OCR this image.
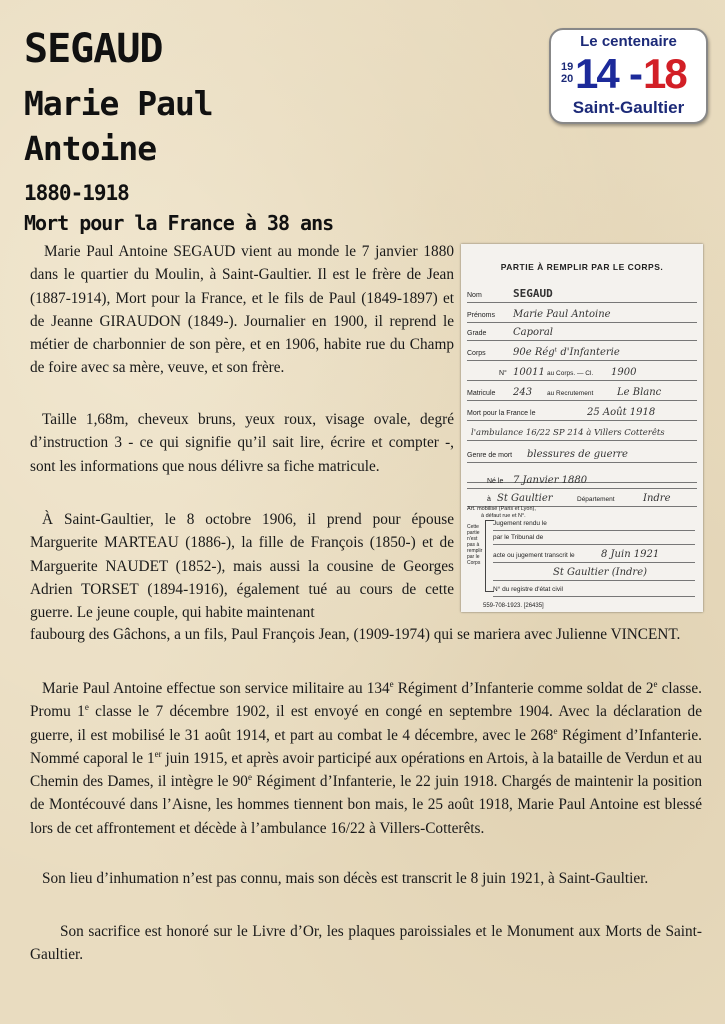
SEGAUD
Marie Paul
Antoine
1880-1918
Mort pour la France à 38 ans
Le centenaire
19
20 14 - 18
Saint-Gaultier
PARTIE À REMPLIR PAR LE CORPS.
Nom	SEGAUD
Prénoms Marie Paul Antoine
Grade	Caporal
Corps	90e Régᵗ d'Infanterie
N° 10011 au Corps. — Cl. 1900
Matricule 243 au Recrutement Le Blanc
Mort pour la France le	25 Août 1918
l'ambulance 16/22 SP 214 à Villers Cotterêts
Genre de mort blessures de guerre
Né le 7 Janvier 1880
à St Gaultier	Département	Indre
Art. mobilisé (Paris et Lyon),
à défaut rue et N°.
Cette partie n'est pas à remplir par le Corps
Jugement rendu le
par le Tribunal de
acte ou jugement transcrit le	8 Juin 1921
St Gaultier (Indre)
N° du registre d'état civil
559-708-1923. [26435]

Marie Paul Antoine SEGAUD vient au monde le 7 janvier 1880 dans le quartier du Moulin, à Saint-Gaultier. Il est le frère de Jean (1887-1914), Mort pour la France, et le fils de Paul (1849-1897) et de Jeanne GIRAUDON (1849-). Journalier en 1900, il reprend le métier de charbonnier de son père, et en 1906, habite rue du Champ de foire avec sa mère, veuve, et son frère.

Taille 1,68m, cheveux bruns, yeux roux, visage ovale, degré d’instruction 3 - ce qui signifie qu’il sait lire, écrire et compter -, sont les informations que nous délivre sa fiche matricule.

À Saint-Gaultier, le 8 octobre 1906, il prend pour épouse Marguerite MARTEAU (1886-), la fille de François (1850-) et de Marguerite NAUDET (1852-), mais aussi la cousine de Georges Adrien TORSET (1894-1916), également tué au cours de cette guerre. Le jeune couple, qui habite maintenant

faubourg des Gâchons, a un fils, Paul François Jean, (1909-1974) qui se mariera avec Julienne VINCENT.

Marie Paul Antoine effectue son service militaire au 134e Régiment d’Infanterie comme soldat de 2e classe. Promu 1e classe le 7 décembre 1902, il est envoyé en congé en septembre 1904. Avec la déclaration de guerre, il est mobilisé le 31 août 1914, et part au combat le 4 décembre, avec le 268e Régiment d’Infanterie. Nommé caporal le 1er juin 1915, et après avoir participé aux opérations en Artois, à la bataille de Verdun et au Chemin des Dames, il intègre le 90e Régiment d’Infanterie, le 22 juin 1918. Chargés de maintenir la position de Montécouvé dans l’Aisne, les hommes tiennent bon mais, le 25 août 1918, Marie Paul Antoine est blessé lors de cet affrontement et décède à l’ambulance 16/22 à Villers-Cotterêts.

Son lieu d’inhumation n’est pas connu, mais son décès est transcrit le 8 juin 1921, à Saint-Gaultier.

Son sacrifice est honoré sur le Livre d’Or, les plaques paroissiales et le Monument aux Morts de Saint-Gaultier.
